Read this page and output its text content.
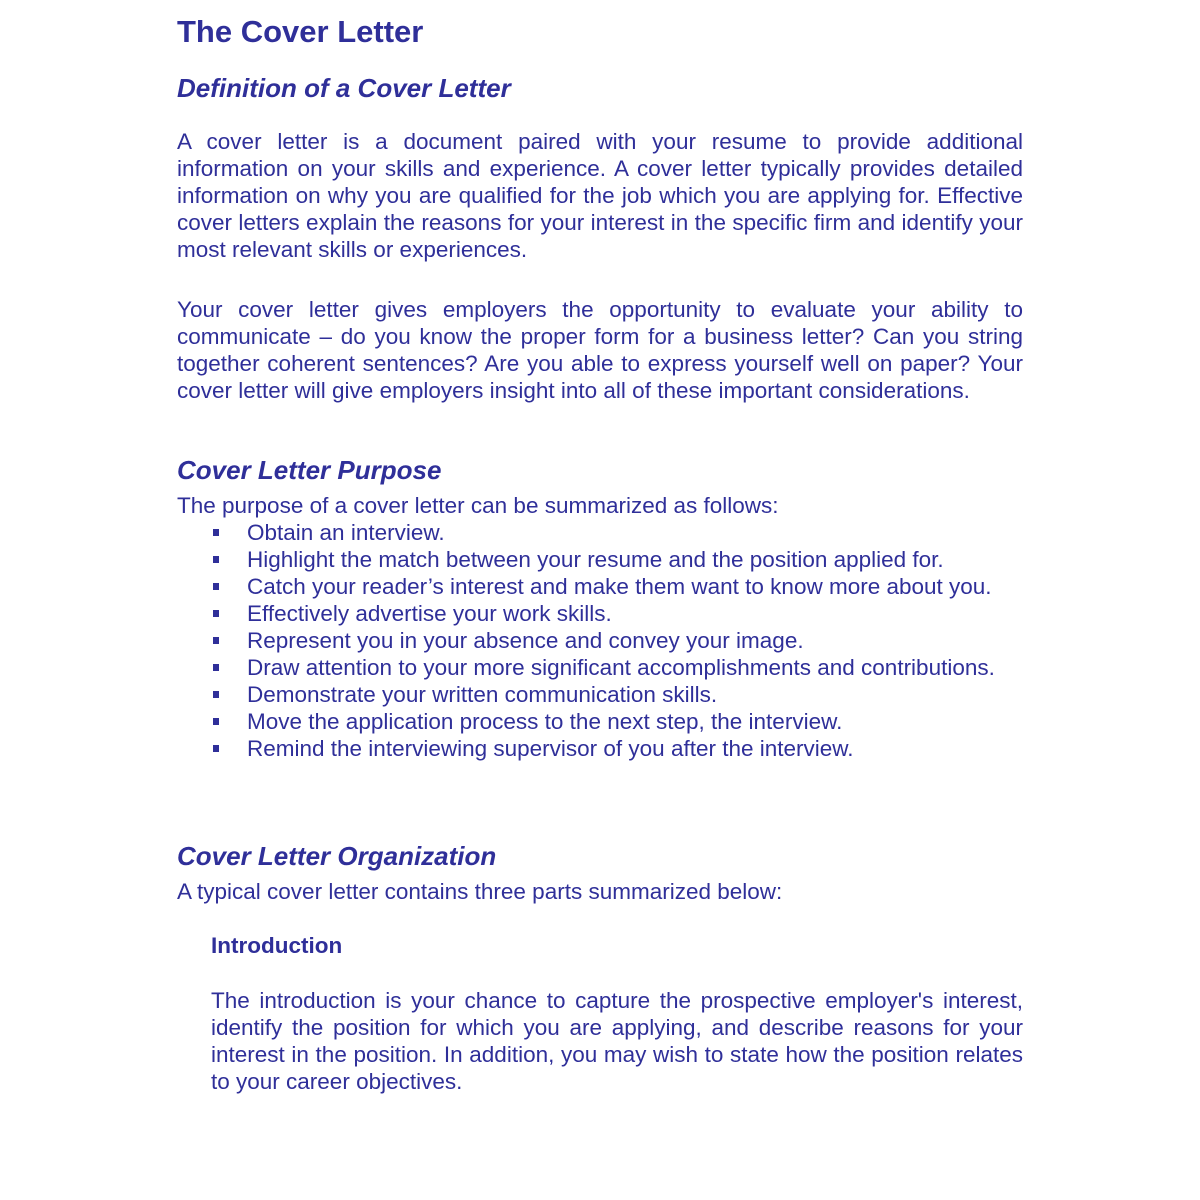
The Cover Letter
Definition of a Cover Letter

A cover letter is a document paired with your resume to provide additional information on your skills and experience. A cover letter typically provides detailed information on why you are qualified for the job which you are applying for. Effective cover letters explain the reasons for your interest in the specific firm and identify your most relevant skills or experiences.

Your cover letter gives employers the opportunity to evaluate your ability to communicate – do you know the proper form for a business letter? Can you string together coherent sentences? Are you able to express yourself well on paper? Your cover letter will give employers insight into all of these important considerations.

Cover Letter Purpose

The purpose of a cover letter can be summarized as follows:

Obtain an interview.
Highlight the match between your resume and the position applied for.
Catch your reader’s interest and make them want to know more about you.
Effectively advertise your work skills.
Represent you in your absence and convey your image.
Draw attention to your more significant accomplishments and contributions.
Demonstrate your written communication skills.
Move the application process to the next step, the interview.
Remind the interviewing supervisor of you after the interview.
Cover Letter Organization

A typical cover letter contains three parts summarized below:

Introduction

The introduction is your chance to capture the prospective employer's interest, identify the position for which you are applying, and describe reasons for your interest in the position. In addition, you may wish to state how the position relates to your career objectives.
